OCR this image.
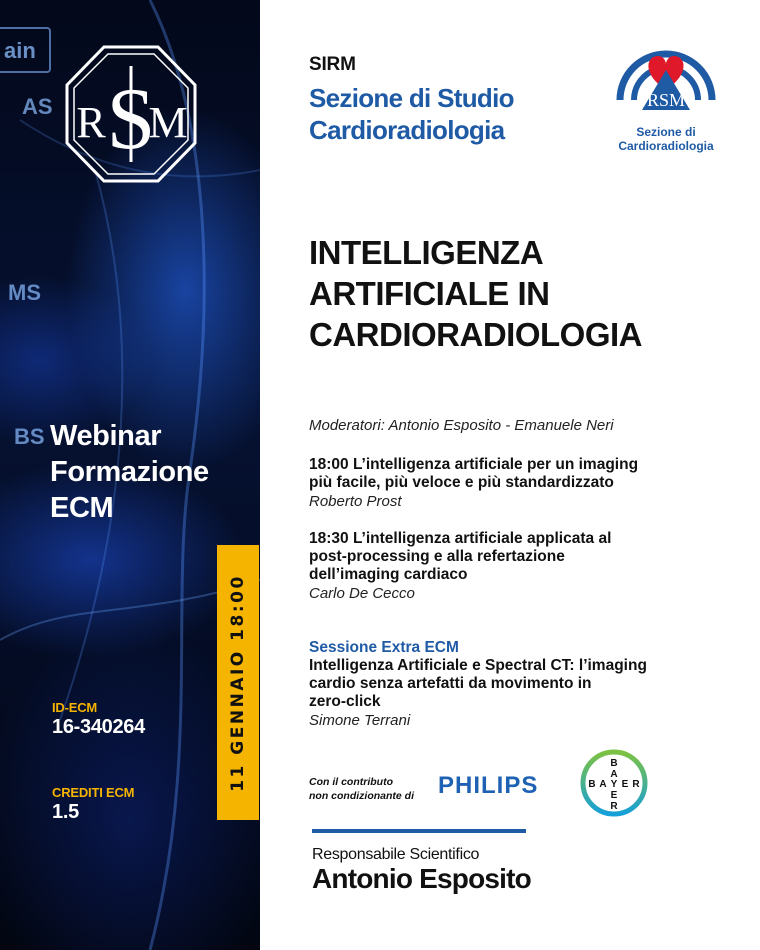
ain
AS
MS
BS
S
R M
Webinar
Formazione
ECM
ID-ECM
16-340264
CREDITI ECM
1.5
11 GENNAIO 18:00
SIRM
Sezione di Studio
Cardioradiologia
RSM
Sezione di
Cardioradiologia
INTELLIGENZA
ARTIFICIALE IN
CARDIORADIOLOGIA
Moderatori: Antonio Esposito - Emanuele Neri
18:00 L’intelligenza artificiale per un imaging
più facile, più veloce e più standardizzato
Roberto Prost
18:30 L’intelligenza artificiale applicata al
post-processing e alla refertazione
dell’imaging cardiaco
Carlo De Cecco
Sessione Extra ECM
Intelligenza Artificiale e Spectral CT: l’imaging
cardio senza artefatti da movimento in
zero-click
Simone Terrani
Con il contributo
non condizionante di PHILIPS
B
A
Y
E
R
B A E R
Responsabile Scientifico
Antonio Esposito
